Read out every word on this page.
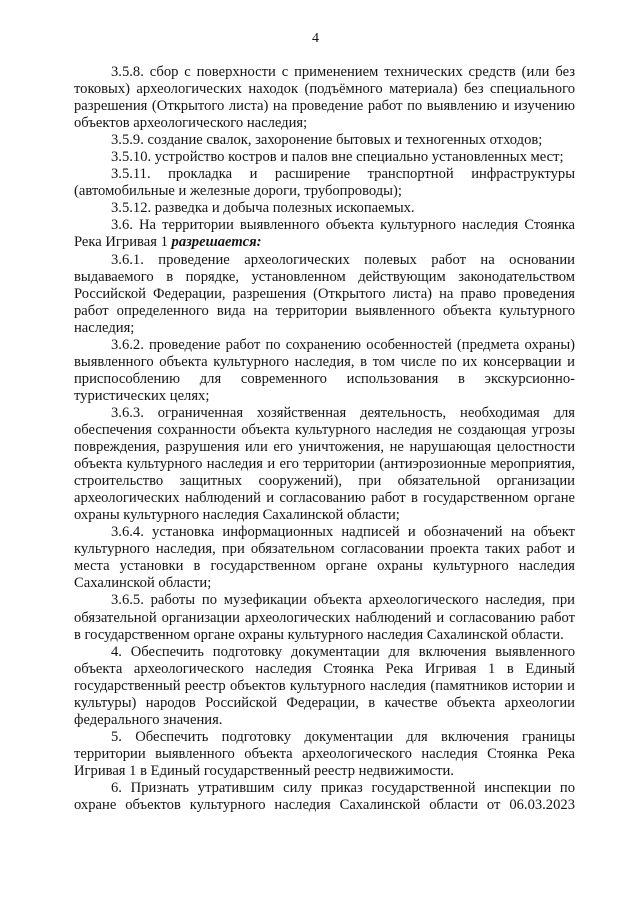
4

3.5.8. сбор с поверхности с применением технических средств (или без токовых) археологических находок (подъёмного материала) без специального разрешения (Открытого листа) на проведение работ по выявлению и изучению объектов археологического наследия;

3.5.9. создание свалок, захоронение бытовых и техногенных отходов;

3.5.10. устройство костров и палов вне специально установленных мест;

3.5.11. прокладка и расширение транспортной инфраструктуры (автомобильные и железные дороги, трубопроводы);

3.5.12. разведка и добыча полезных ископаемых.

3.6. На территории выявленного объекта культурного наследия Стоянка Река Игривая 1 разрешается:

3.6.1. проведение археологических полевых работ на основании выдаваемого в порядке, установленном действующим законодательством Российской Федерации, разрешения (Открытого листа) на право проведения работ определенного вида на территории выявленного объекта культурного наследия;

3.6.2. проведение работ по сохранению особенностей (предмета охраны) выявленного объекта культурного наследия, в том числе по их консервации и приспособлению для современного использования в экскурсионно-туристических целях;

3.6.3. ограниченная хозяйственная деятельность, необходимая для обеспечения сохранности объекта культурного наследия не создающая угрозы повреждения, разрушения или его уничтожения, не нарушающая целостности объекта культурного наследия и его территории (антиэрозионные мероприятия, строительство защитных сооружений), при обязательной организации археологических наблюдений и согласованию работ в государственном органе охраны культурного наследия Сахалинской области;

3.6.4. установка информационных надписей и обозначений на объект культурного наследия, при обязательном согласовании проекта таких работ и места установки в государственном органе охраны культурного наследия Сахалинской области;

3.6.5. работы по музефикации объекта археологического наследия, при обязательной организации археологических наблюдений и согласованию работ в государственном органе охраны культурного наследия Сахалинской области.

4. Обеспечить подготовку документации для включения выявленного объекта археологического наследия Стоянка Река Игривая 1 в Единый государственный реестр объектов культурного наследия (памятников истории и культуры) народов Российской Федерации, в качестве объекта археологии федерального значения.

5. Обеспечить подготовку документации для включения границы территории выявленного объекта археологического наследия Стоянка Река Игривая 1 в Единый государственный реестр недвижимости.

6. Признать утратившим силу приказ государственной инспекции по охране объектов культурного наследия Сахалинской области от 06.03.2023
